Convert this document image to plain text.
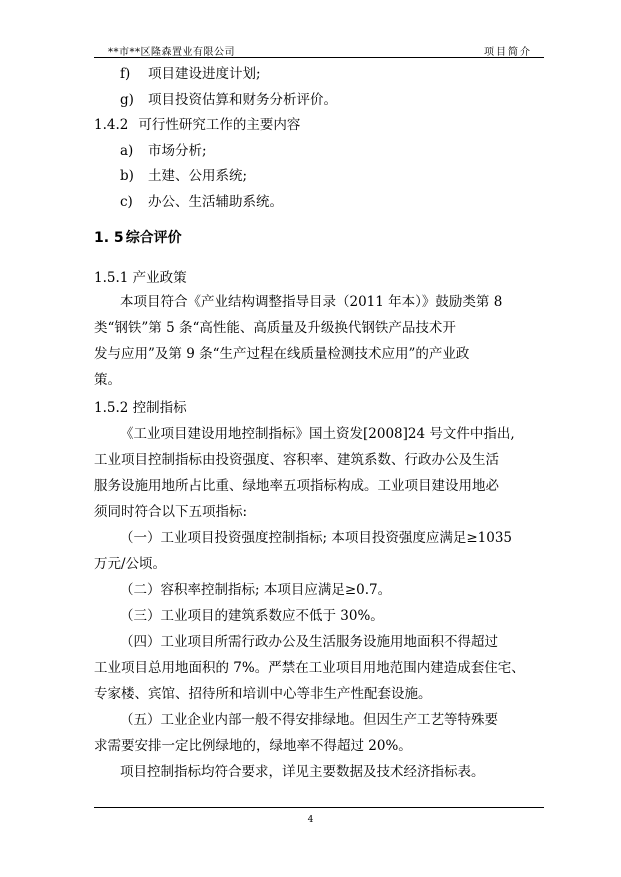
**市**区隆森置业有限公司	项目简介
f) 项目建设进度计划;
g) 项目投资估算和财务分析评价。
1.4.2 可行性研究工作的主要内容
a) 市场分析;
b) 土建、公用系统;
c) 办公、生活辅助系统。
1. 5 综合评价
1.5.1 产业政策
本项目符合《产业结构调整指导目录（2011 年本）》鼓励类第 8
类“钢铁”第 5 条“高性能、高质量及升级换代钢铁产品技术开
发与应用”及第 9 条“生产过程在线质量检测技术应用”的产业政
策。
1.5.2 控制指标
《工业项目建设用地控制指标》国土资发[2008]24 号文件中指出,
工业项目控制指标由投资强度、容积率、建筑系数、行政办公及生活
服务设施用地所占比重、绿地率五项指标构成。工业项目建设用地必
须同时符合以下五项指标:
（一）工业项目投资强度控制指标; 本项目投资强度应满足≥1035
万元/公顷。
（二）容积率控制指标; 本项目应满足≥0.7。
（三）工业项目的建筑系数应不低于 30%。
（四）工业项目所需行政办公及生活服务设施用地面积不得超过
工业项目总用地面积的 7%。严禁在工业项目用地范围内建造成套住宅、
专家楼、宾馆、招待所和培训中心等非生产性配套设施。
（五）工业企业内部一般不得安排绿地。但因生产工艺等特殊要
求需要安排一定比例绿地的，绿地率不得超过 20%。
项目控制指标均符合要求，详见主要数据及技术经济指标表。
4
